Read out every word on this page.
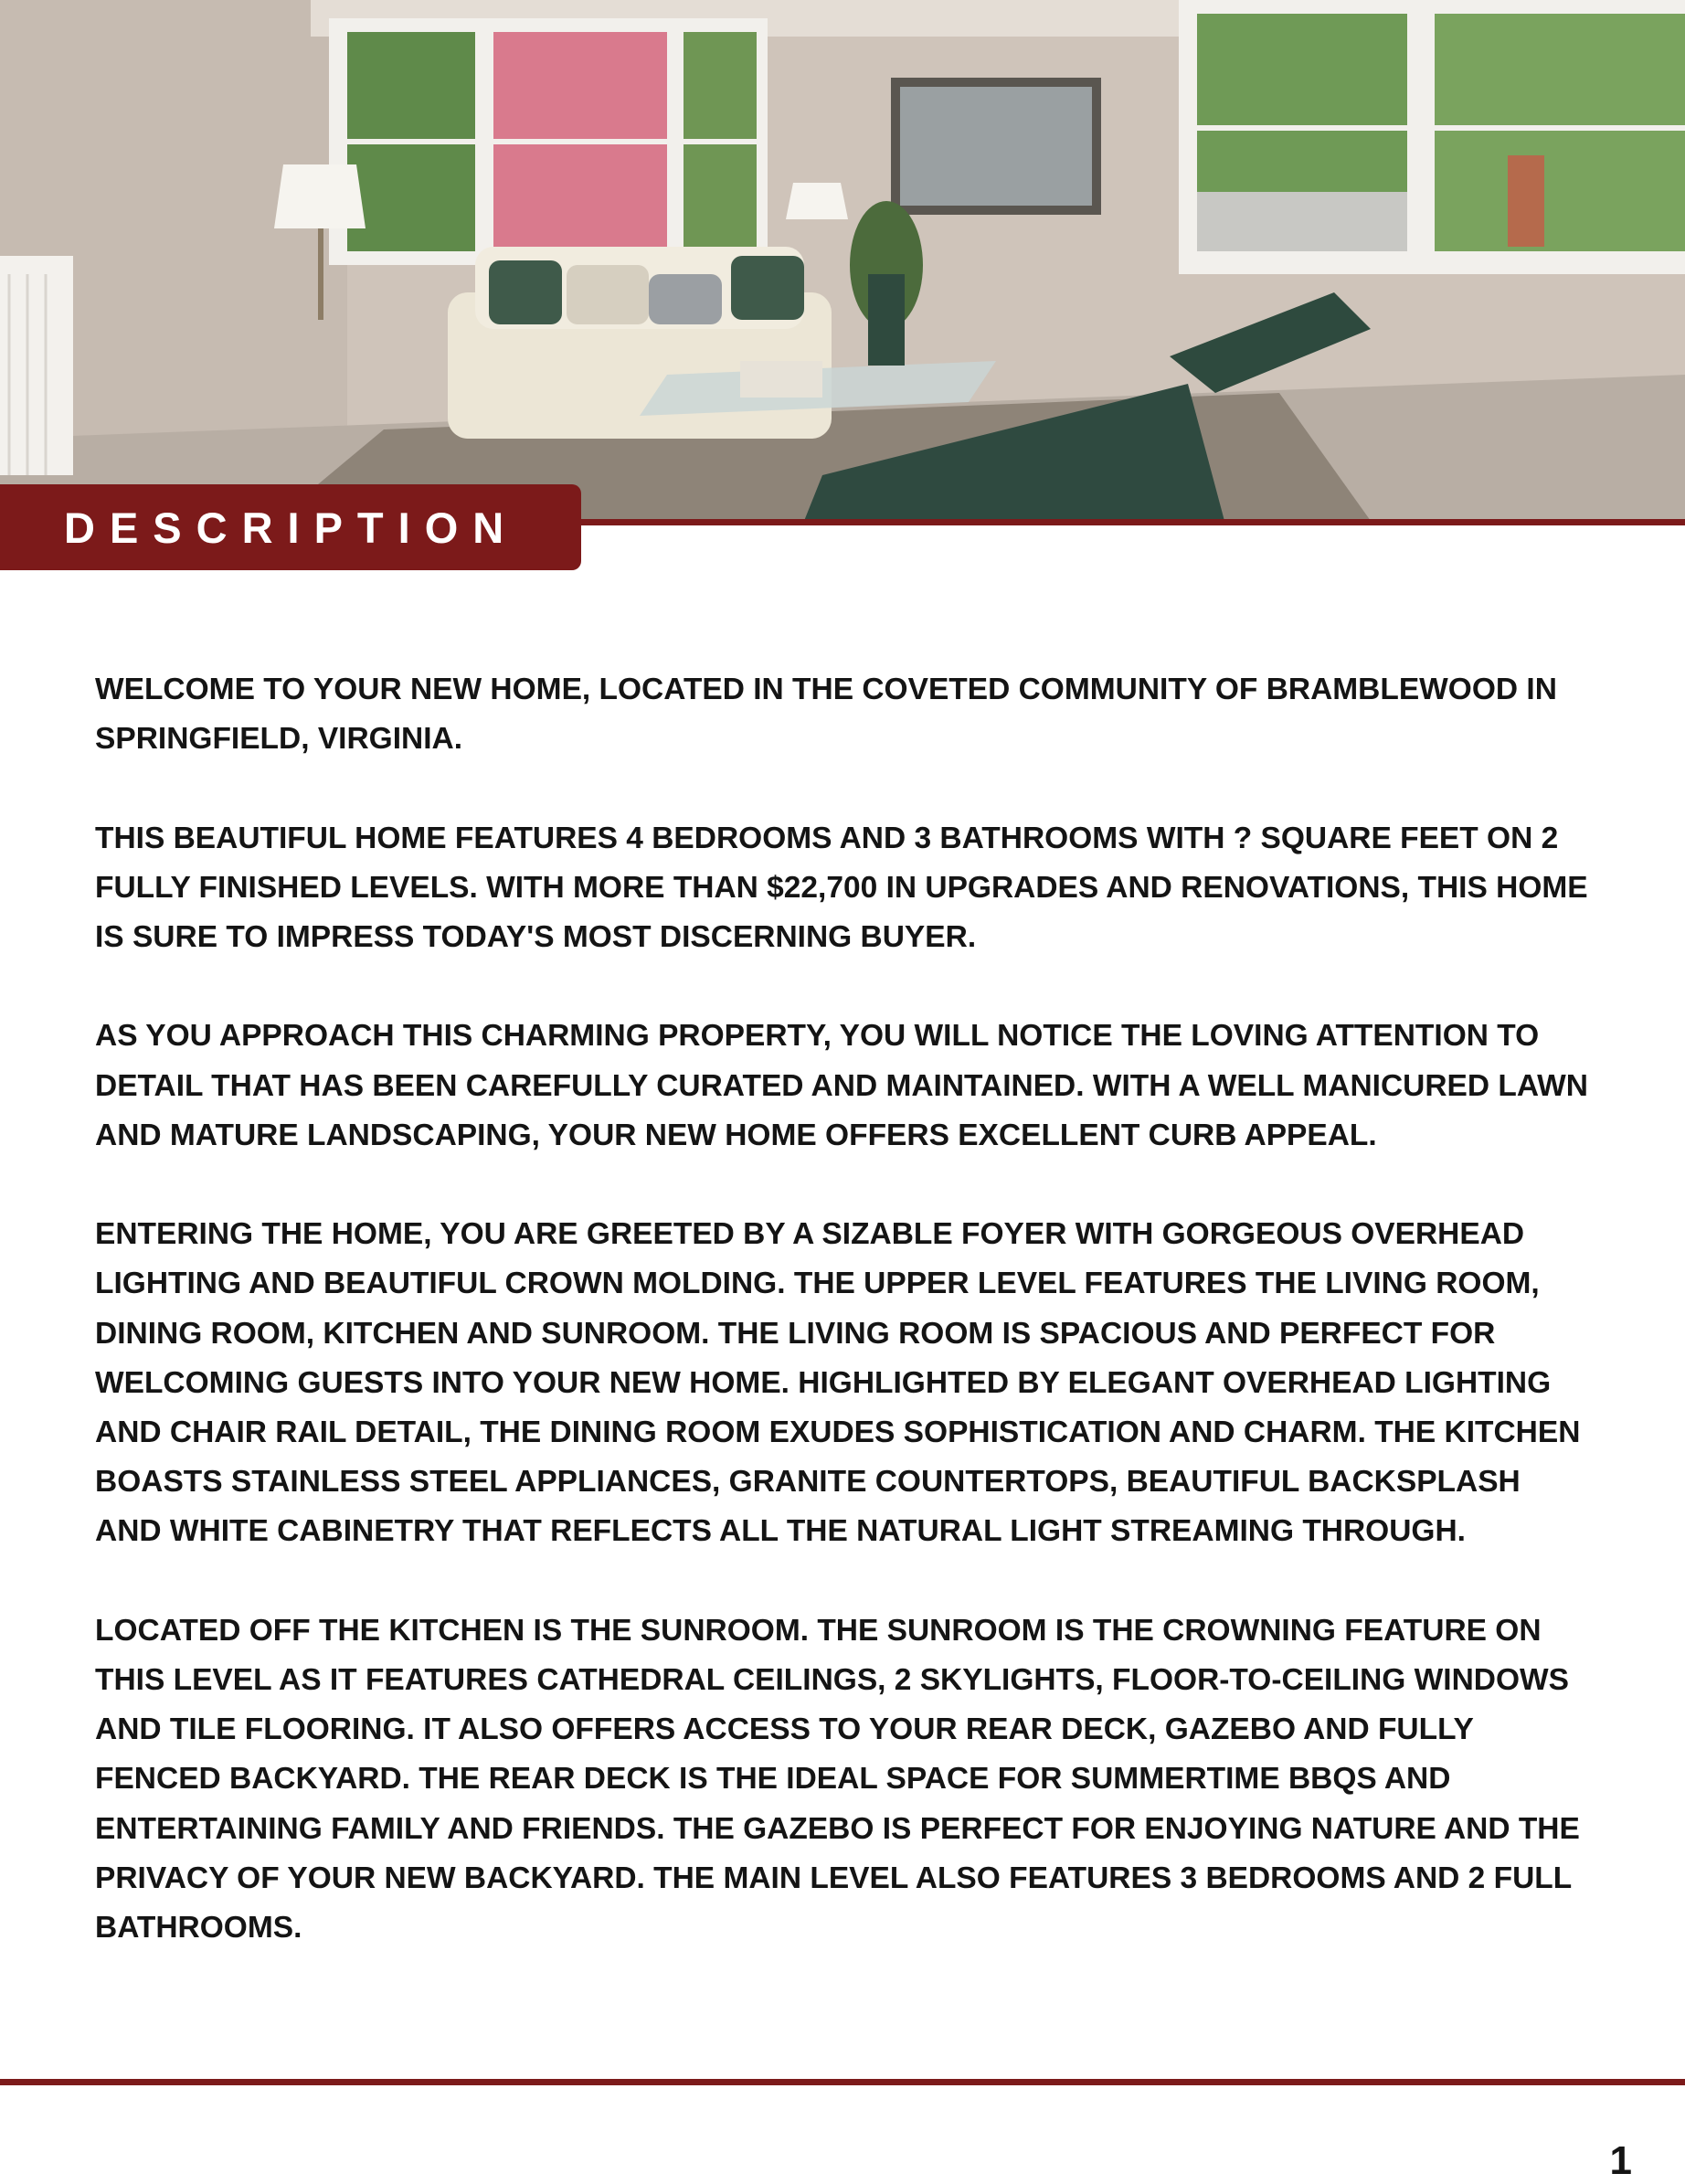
DESCRIPTION

WELCOME TO YOUR NEW HOME, LOCATED IN THE COVETED COMMUNITY OF BRAMBLEWOOD IN SPRINGFIELD, VIRGINIA.

THIS BEAUTIFUL HOME FEATURES 4 BEDROOMS AND 3 BATHROOMS WITH ? SQUARE FEET ON 2 FULLY FINISHED LEVELS. WITH MORE THAN $22,700 IN UPGRADES AND RENOVATIONS, THIS HOME IS SURE TO IMPRESS TODAY'S MOST DISCERNING BUYER.

AS YOU APPROACH THIS CHARMING PROPERTY, YOU WILL NOTICE THE LOVING ATTENTION TO DETAIL THAT HAS BEEN CAREFULLY CURATED AND MAINTAINED. WITH A WELL MANICURED LAWN AND MATURE LANDSCAPING, YOUR NEW HOME OFFERS EXCELLENT CURB APPEAL.

ENTERING THE HOME, YOU ARE GREETED BY A SIZABLE FOYER WITH GORGEOUS OVERHEAD LIGHTING AND BEAUTIFUL CROWN MOLDING. THE UPPER LEVEL FEATURES THE LIVING ROOM, DINING ROOM, KITCHEN AND SUNROOM. THE LIVING ROOM IS SPACIOUS AND PERFECT FOR WELCOMING GUESTS INTO YOUR NEW HOME. HIGHLIGHTED BY ELEGANT OVERHEAD LIGHTING AND CHAIR RAIL DETAIL, THE DINING ROOM EXUDES SOPHISTICATION AND CHARM. THE KITCHEN BOASTS STAINLESS STEEL APPLIANCES, GRANITE COUNTERTOPS, BEAUTIFUL BACKSPLASH AND WHITE CABINETRY THAT REFLECTS ALL THE NATURAL LIGHT STREAMING THROUGH.

LOCATED OFF THE KITCHEN IS THE SUNROOM. THE SUNROOM IS THE CROWNING FEATURE ON THIS LEVEL AS IT FEATURES CATHEDRAL CEILINGS, 2 SKYLIGHTS, FLOOR-TO-CEILING WINDOWS AND TILE FLOORING. IT ALSO OFFERS ACCESS TO YOUR REAR DECK, GAZEBO AND FULLY FENCED BACKYARD. THE REAR DECK IS THE IDEAL SPACE FOR SUMMERTIME BBQS AND ENTERTAINING FAMILY AND FRIENDS. THE GAZEBO IS PERFECT FOR ENJOYING NATURE AND THE PRIVACY OF YOUR NEW BACKYARD. THE MAIN LEVEL ALSO FEATURES 3 BEDROOMS AND 2 FULL BATHROOMS.

1
